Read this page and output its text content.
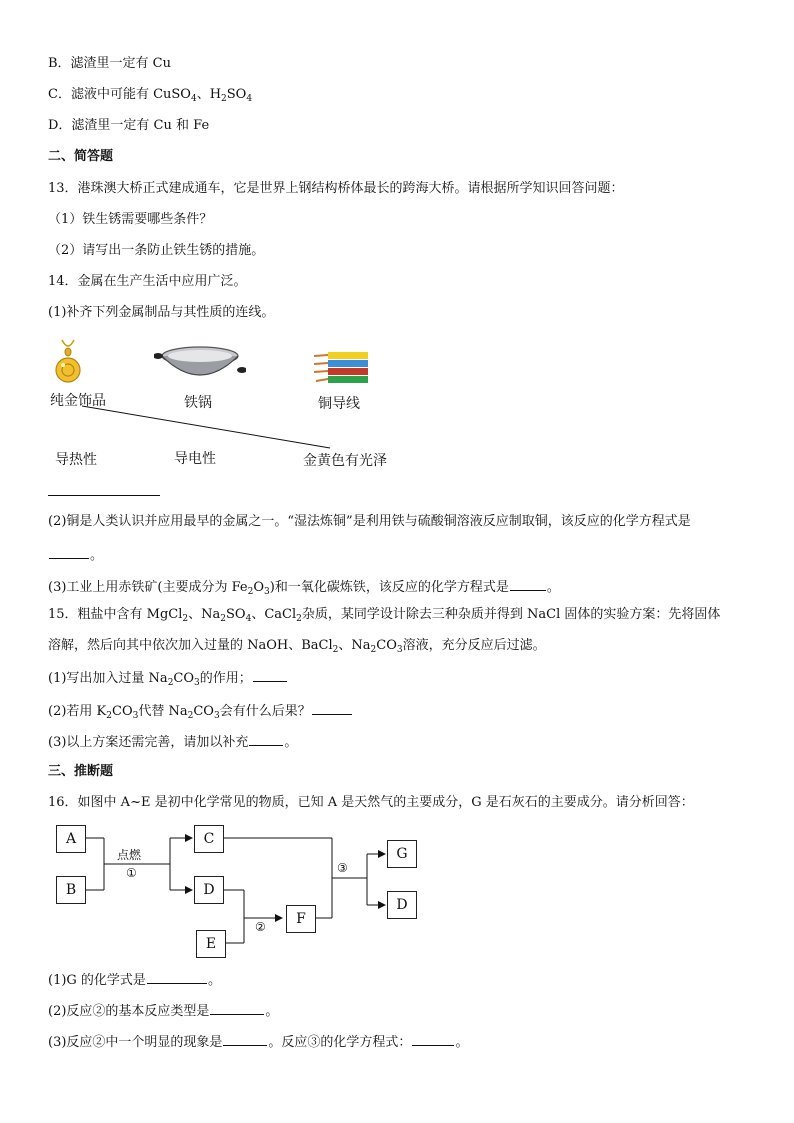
B．滤渣里一定有 Cu
C．滤液中可能有 CuSO$_4$、$H_2SO_4$
D．滤渣里一定有 Cu 和 Fe
二、简答题
13．港珠澳大桥正式建成通车，它是世界上钢结构桥体最长的跨海大桥。请根据所学知识回答问题：
（1）铁生锈需要哪些条件？
（2）请写出一条防止铁生锈的措施。
14．金属在生产生活中应用广泛。
(1)补齐下列金属制品与其性质的连线。
纯金饰品	铁锅	铜导线
导热性	导电性	金黄色有光泽
(2)铜是人类认识并应用最早的金属之一。“湿法炼铜”是利用铁与硫酸铜溶液反应制取铜，该反应的化学方程式是
。
(3)工业上用赤铁矿(主要成分为 $Fe_2O_3$)和一氧化碳炼铁，该反应的化学方程式是	。
15．粗盐中含有 MgCl$_2$、$Na_2SO_4$、CaCl$_2$杂质，某同学设计除去三种杂质并得到 NaCl 固体的实验方案：先将固体
溶解，然后向其中依次加入过量的 NaOH、BaCl$_2$、$Na_2CO_3$溶液，充分反应后过滤。
(1)写出加入过量 $Na_2CO_3$的作用；
(2)若用 $K_2CO_3$代替 $Na_2CO_3$会有什么后果？
(3)以上方案还需完善，请加以补充	。
三、推断题
16．如图中 A~E 是初中化学常见的物质，已知 A 是天然气的主要成分，G 是石灰石的主要成分。请分析回答：
A
B
C
D
E
F
G
D
点燃
①
②
③
(1)G 的化学式是	。
(2)反应②的基本反应类型是	。
(3)反应②中一个明显的现象是	。反应③的化学方程式：	。
